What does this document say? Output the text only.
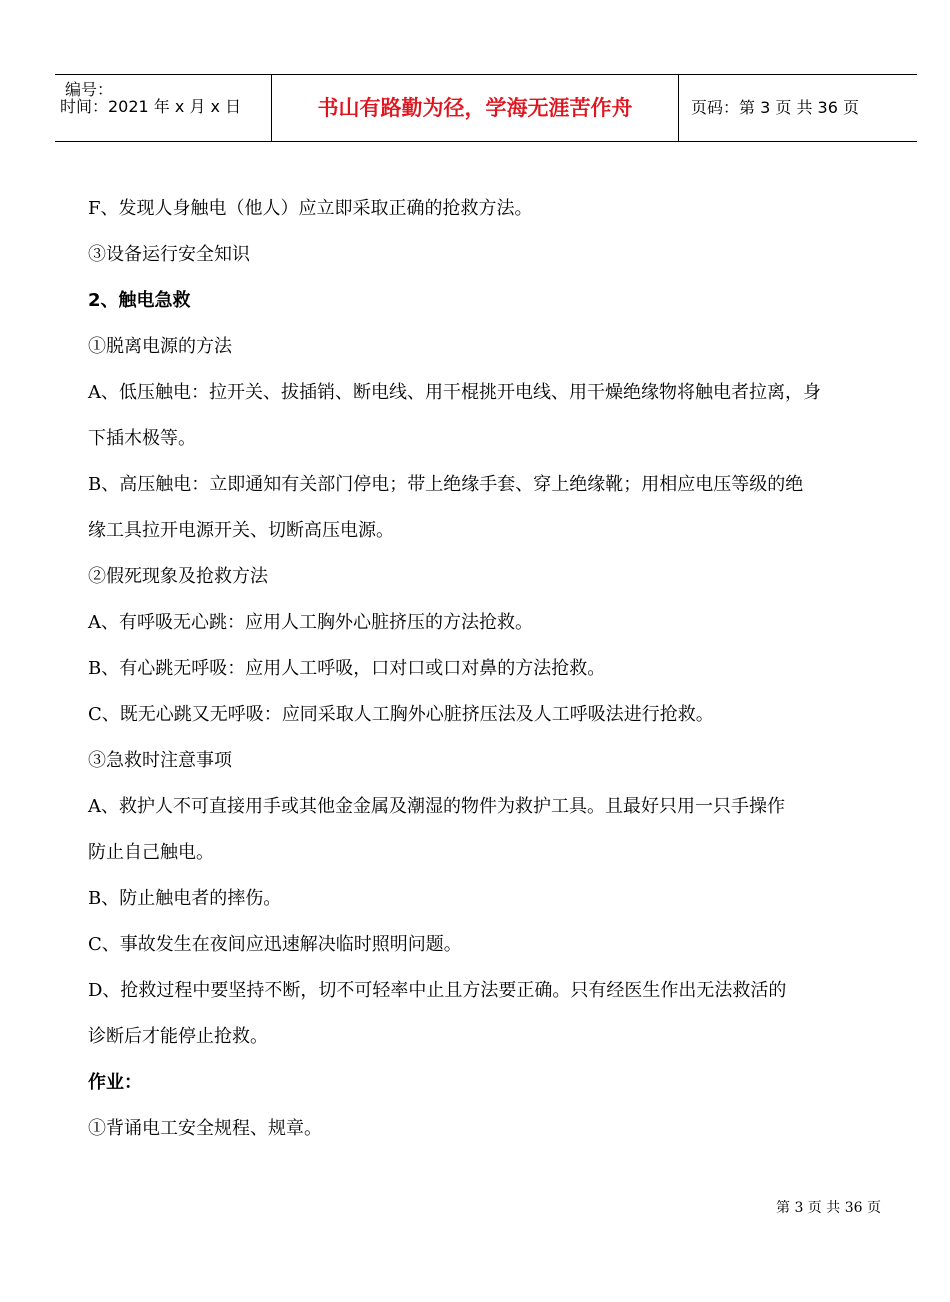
编号：
时间：2021 年 x 月 x 日	书山有路勤为径，学海无涯苦作舟	页码：第 3 页 共 36 页
F、发现人身触电（他人）应立即采取正确的抢救方法。
③设备运行安全知识
2、触电急救
①脱离电源的方法
A、低压触电：拉开关、拔插销、断电线、用干棍挑开电线、用干燥绝缘物将触电者拉离，身
下插木极等。
B、高压触电：立即通知有关部门停电；带上绝缘手套、穿上绝缘靴；用相应电压等级的绝
缘工具拉开电源开关、切断高压电源。
②假死现象及抢救方法
A、有呼吸无心跳：应用人工胸外心脏挤压的方法抢救。
B、有心跳无呼吸：应用人工呼吸，口对口或口对鼻的方法抢救。
C、既无心跳又无呼吸：应同采取人工胸外心脏挤压法及人工呼吸法进行抢救。
③急救时注意事项
A、救护人不可直接用手或其他金金属及潮湿的物件为救护工具。且最好只用一只手操作
防止自己触电。
B、防止触电者的摔伤。
C、事故发生在夜间应迅速解决临时照明问题。
D、抢救过程中要坚持不断，切不可轻率中止且方法要正确。只有经医生作出无法救活的
诊断后才能停止抢救。
作业：
①背诵电工安全规程、规章。
第 3 页 共 36 页
